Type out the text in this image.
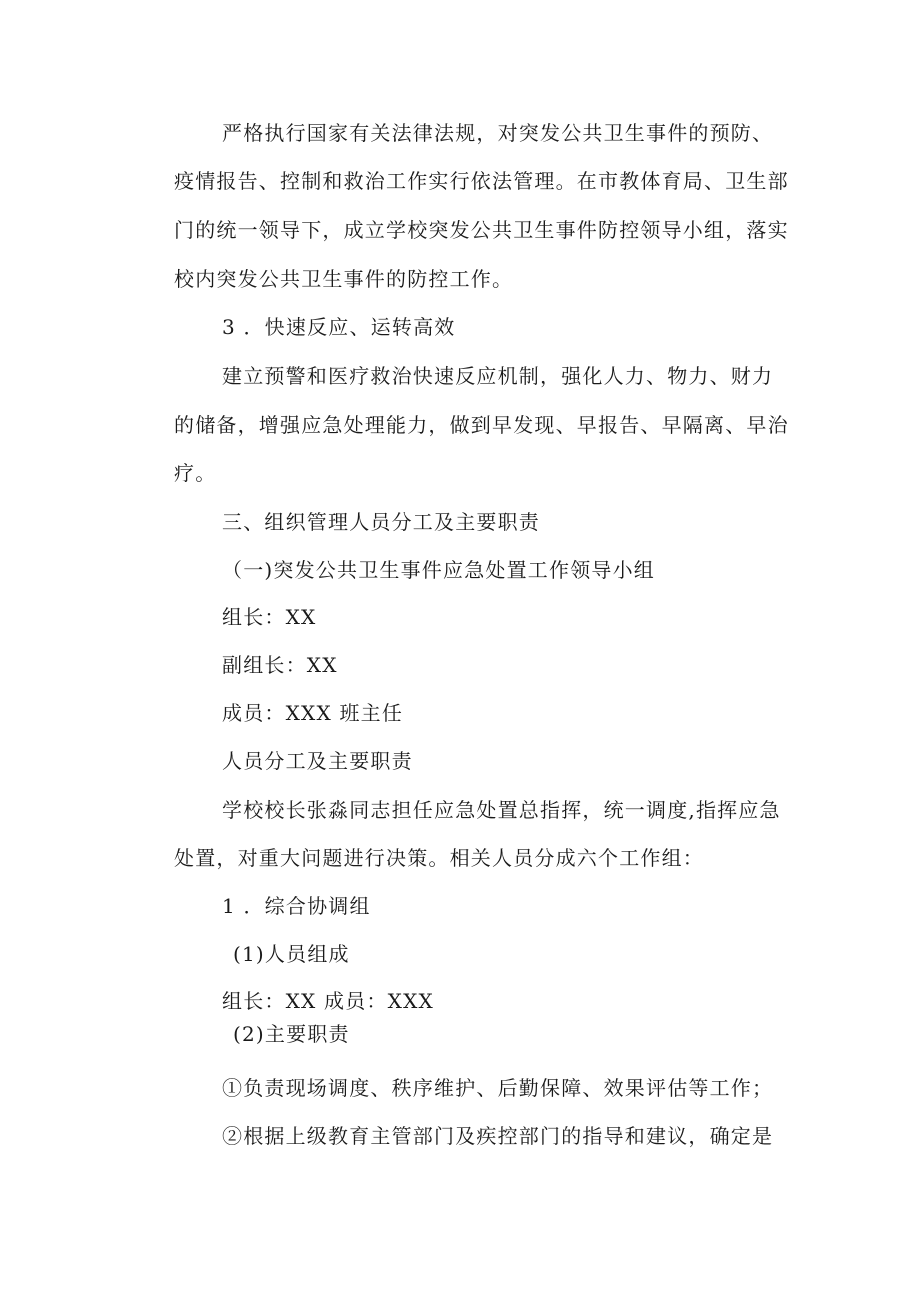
严格执行国家有关法律法规，对突发公共卫生事件的预防、
疫情报告、控制和救治工作实行依法管理。在市教体育局、卫生部
门的统一领导下，成立学校突发公共卫生事件防控领导小组，落实
校内突发公共卫生事件的防控工作。
3 ．快速反应、运转高效
建立预警和医疗救治快速反应机制，强化人力、物力、财力
的储备，增强应急处理能力，做到早发现、早报告、早隔离、早治
疗。
三、组织管理人员分工及主要职责
（一)突发公共卫生事件应急处置工作领导小组
组长：XX
副组长：XX
成员：XXX 班主任
人员分工及主要职责
学校校长张淼同志担任应急处置总指挥，统一调度,指挥应急
处置，对重大问题进行决策。相关人员分成六个工作组：
1 ．综合协调组
(1)人员组成
组长：XX 成员：XXX
(2)主要职责
①负责现场调度、秩序维护、后勤保障、效果评估等工作；
②根据上级教育主管部门及疾控部门的指导和建议，确定是
